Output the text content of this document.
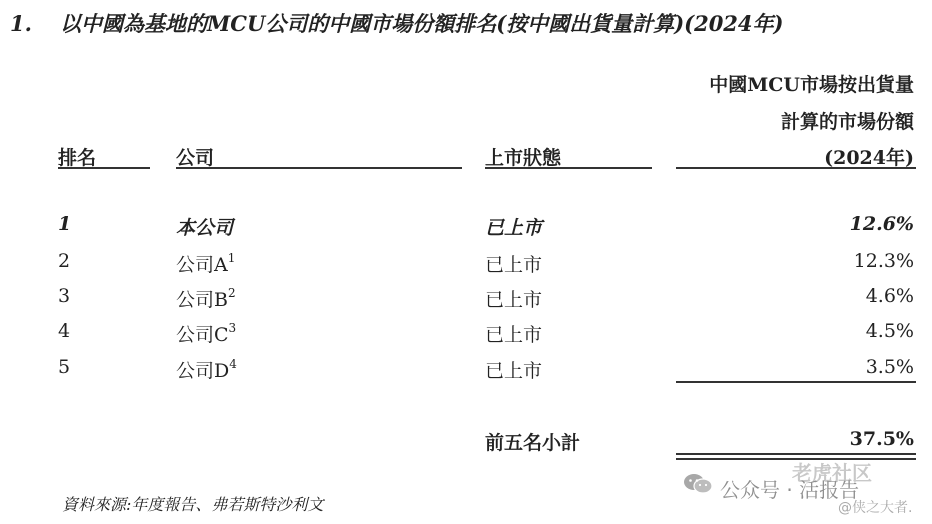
1. 以中國為基地的MCU公司的中國市場份額排名(按中國出貨量計算)(2024年)
中國MCU市場按出貨量
計算的市場份額
(2024年)
排名	公司	上市狀態
1	本公司	已上市	12.6%
2	公司$A^1$	已上市	12.3%
3	公司$B^2$	已上市	4.6%
4	公司$C^3$	已上市	4.5%
5	公司$D^4$	已上市	3.5%
前五名小計	37.5%
資料來源:年度報告、弗若斯特沙利文
老虎社区
公众号 · 活报告
@侠之大者.
